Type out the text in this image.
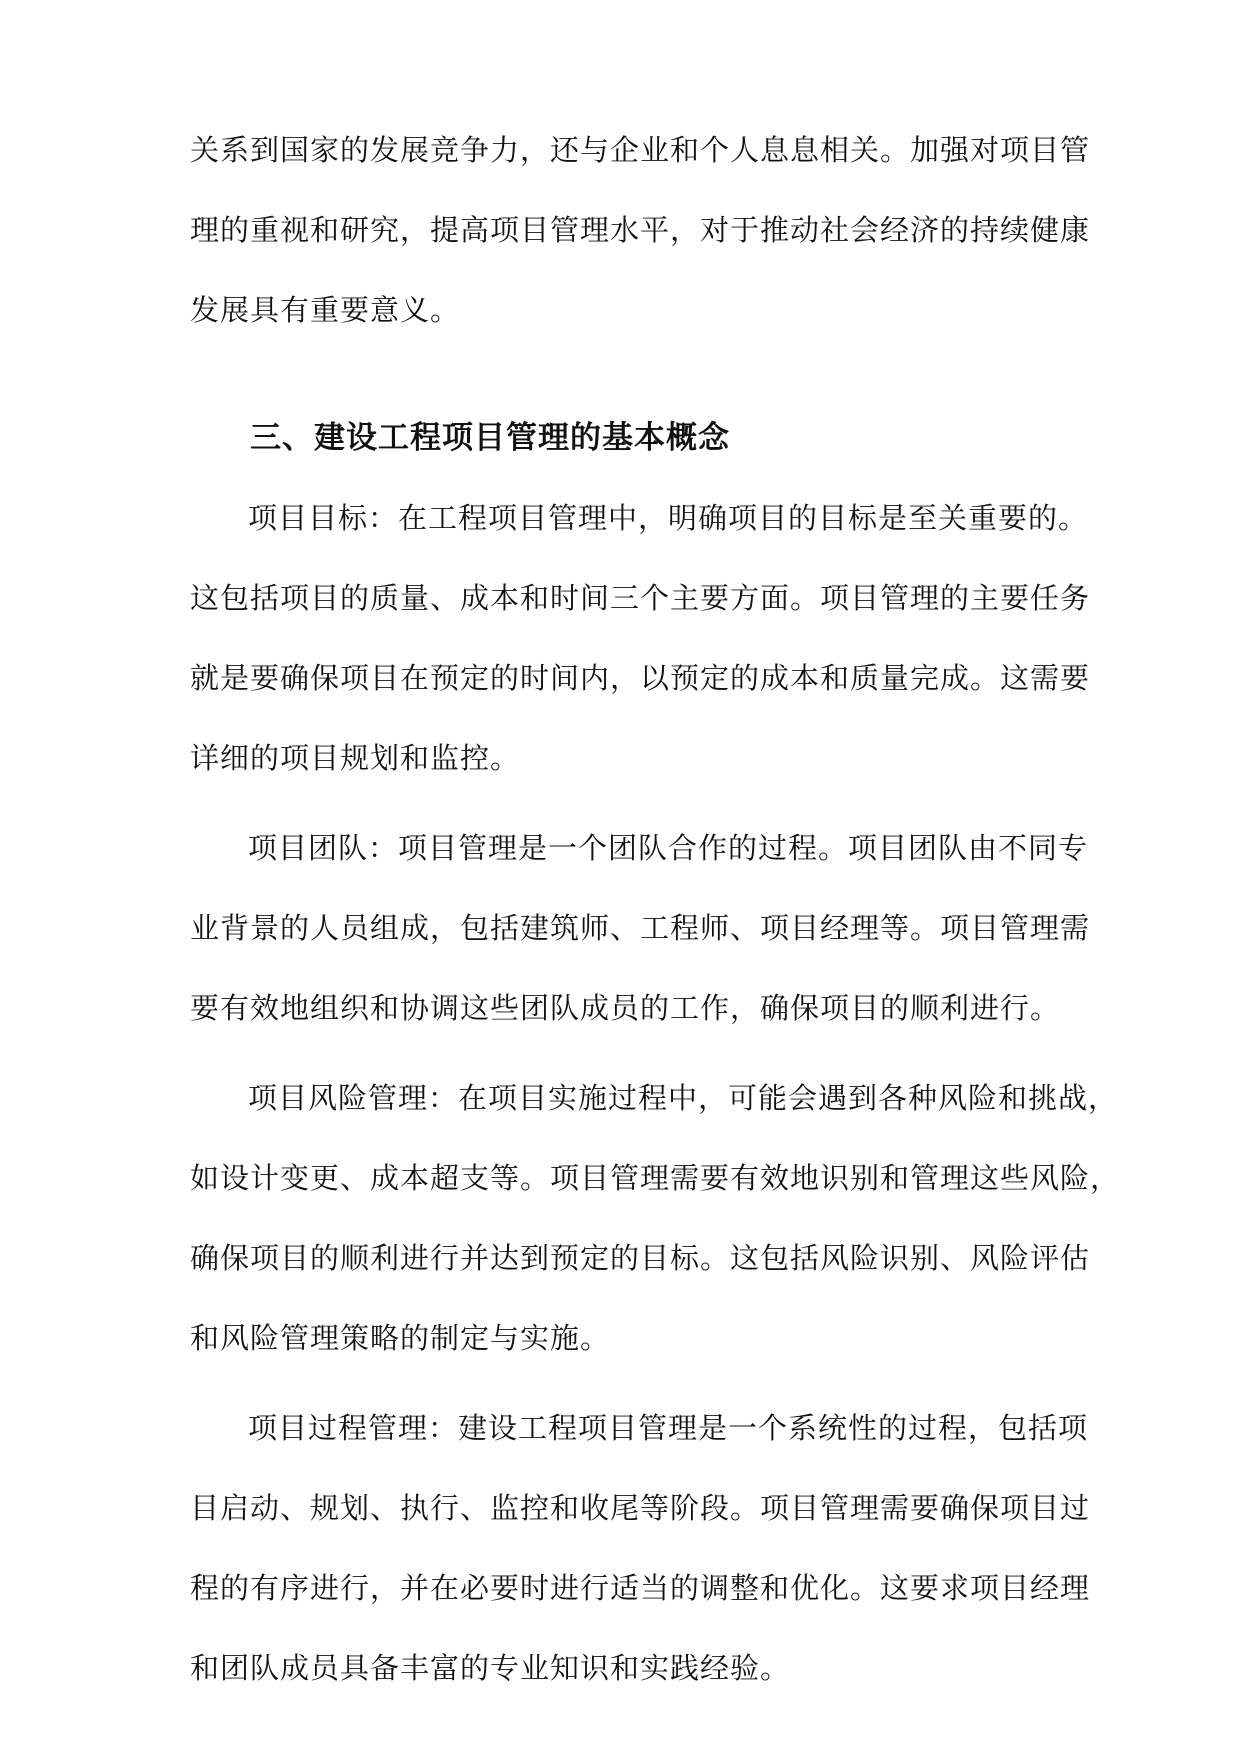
关系到国家的发展竞争力，还与企业和个人息息相关。加强对项目管
理的重视和研究，提高项目管理水平，对于推动社会经济的持续健康
发展具有重要意义。
三、建设工程项目管理的基本概念
项目目标：在工程项目管理中，明确项目的目标是至关重要的。
这包括项目的质量、成本和时间三个主要方面。项目管理的主要任务
就是要确保项目在预定的时间内，以预定的成本和质量完成。这需要
详细的项目规划和监控。
项目团队：项目管理是一个团队合作的过程。项目团队由不同专
业背景的人员组成，包括建筑师、工程师、项目经理等。项目管理需
要有效地组织和协调这些团队成员的工作，确保项目的顺利进行。
项目风险管理：在项目实施过程中，可能会遇到各种风险和挑战，
如设计变更、成本超支等。项目管理需要有效地识别和管理这些风险，
确保项目的顺利进行并达到预定的目标。这包括风险识别、风险评估
和风险管理策略的制定与实施。
项目过程管理：建设工程项目管理是一个系统性的过程，包括项
目启动、规划、执行、监控和收尾等阶段。项目管理需要确保项目过
程的有序进行，并在必要时进行适当的调整和优化。这要求项目经理
和团队成员具备丰富的专业知识和实践经验。
